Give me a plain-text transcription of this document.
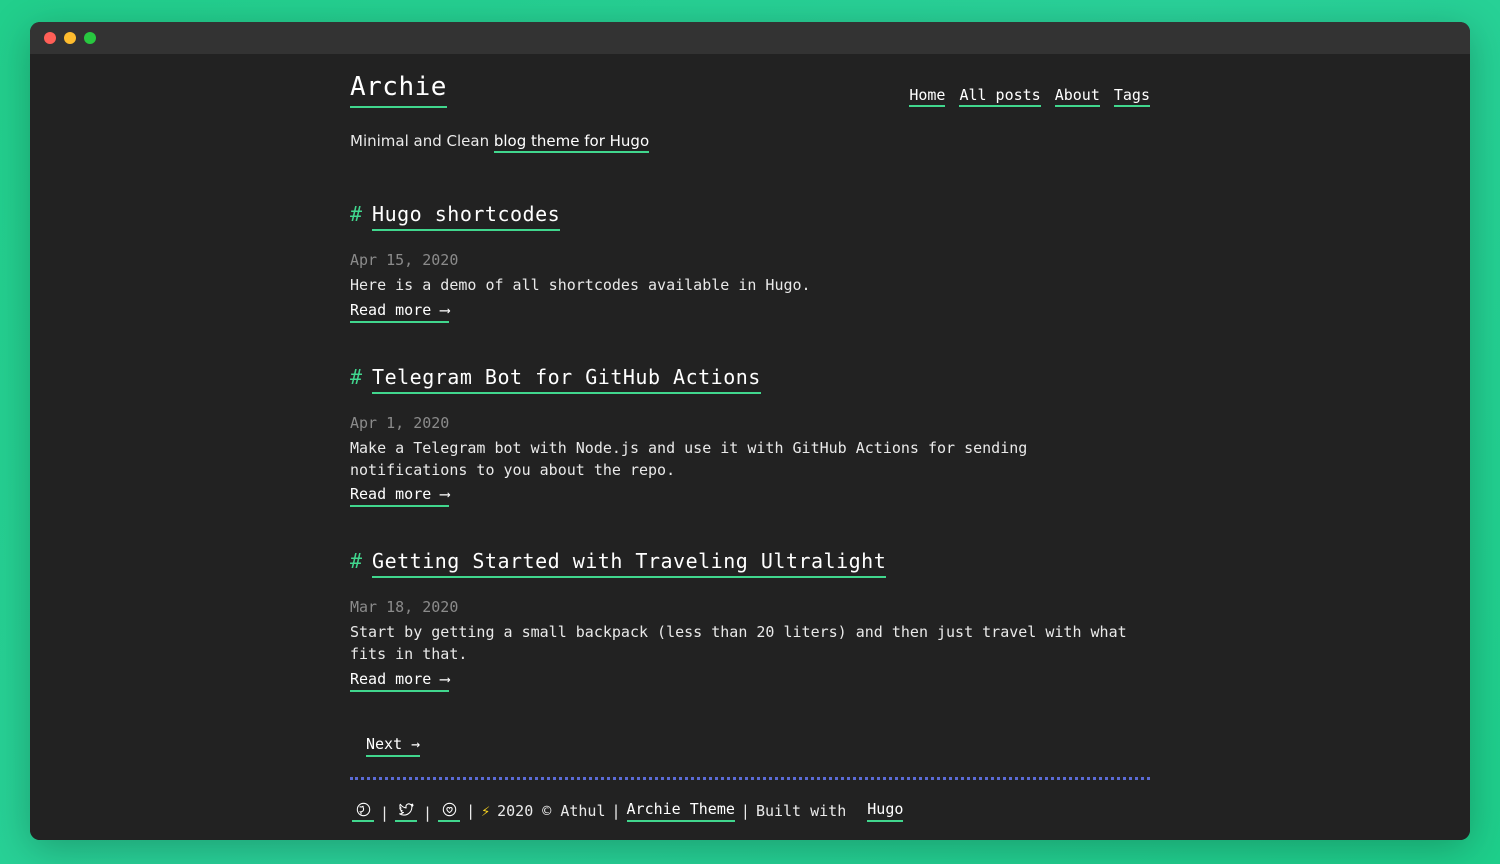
Archie	Home All posts About Tags
Minimal and Clean blog theme for Hugo
# Hugo shortcodes
Apr 15, 2020
Here is a demo of all shortcodes available in Hugo.
Read more ⟶
# Telegram Bot for GitHub Actions
Apr 1, 2020
Make a Telegram bot with Node.js and use it with GitHub Actions for sending notifications to you about the repo.
Read more ⟶
# Getting Started with Traveling Ultralight
Mar 18, 2020
Start by getting a small backpack (less than 20 liters) and then just travel with what fits in that.
Read more ⟶
Next →
|	|	| ⚡ 2020 © Athul | Archie Theme | Built with
Hugo
